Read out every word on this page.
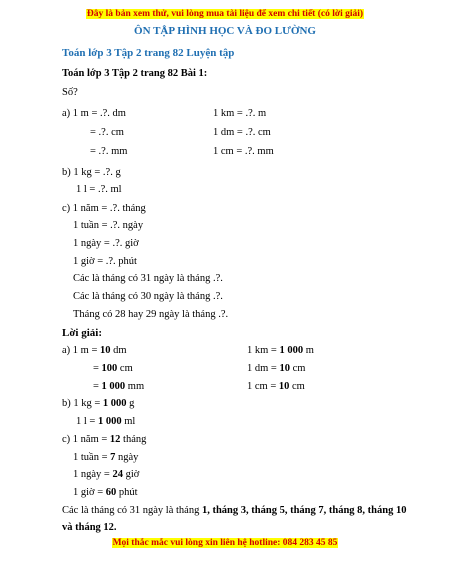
Đây là bản xem thử, vui lòng mua tài liệu để xem chi tiết (có lời giải)
ÔN TẬP HÌNH HỌC VÀ ĐO LƯỜNG
Toán lớp 3 Tập 2 trang 82 Luyện tập
Toán lớp 3 Tập 2 trang 82 Bài 1:
Số?
a) 1 m = .?. dm	1 km = .?. m
= .?. cm	1 dm = .?. cm
= .?. mm	1 cm = .?. mm
b) 1 kg = .?. g
1 l = .?. ml
c) 1 năm = .?. tháng
1 tuần = .?. ngày
1 ngày = .?. giờ
1 giờ = .?. phút
Các là tháng có 31 ngày là tháng .?.
Các là tháng có 30 ngày là tháng .?.
Tháng có 28 hay 29 ngày là tháng .?.
Lời giải:
a) 1 m = 10 dm	1 km = 1 000 m
= 100 cm	1 dm = 10 cm
= 1 000 mm	1 cm = 10 cm
b) 1 kg = 1 000 g
1 l = 1 000 ml
c) 1 năm = 12 tháng
1 tuần = 7 ngày
1 ngày = 24 giờ
1 giờ = 60 phút
Các là tháng có 31 ngày là tháng 1, tháng 3, tháng 5, tháng 7, tháng 8, tháng 10
và tháng 12.
Mọi thắc mắc vui lòng xin liên hệ hotline: 084 283 45 85
